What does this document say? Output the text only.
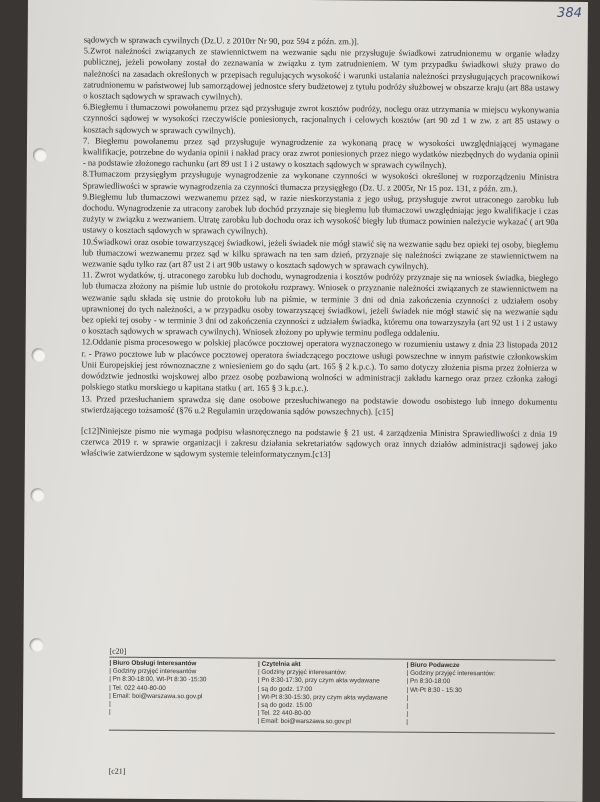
384

sądowych w sprawach cywilnych (Dz.U. z 2010rr Nr 90, poz 594 z późn. zm.)].

5.Zwrot należności związanych ze stawiennictwem na wezwanie sądu nie przysługuje świadkowi zatrudnionemu w organie władzy publicznej, jeżeli powołany został do zeznawania w związku z tym zatrudnieniem. W tym przypadku świadkowi służy prawo do należności na zasadach określonych w przepisach regulujących wysokość i warunki ustalania należności przysługujących pracownikowi zatrudnionemu w państwowej lub samorządowej jednostce sfery budżetowej z tytułu podróży służbowej w obszarze kraju (art 88a ustawy o kosztach sądowych w sprawach cywilnych).

6.Biegłemu i tłumaczowi powołanemu przez sąd przysługuje zwrot kosztów podróży, noclegu oraz utrzymania w miejscu wykonywania czynności sądowej w wysokości rzeczywiście poniesionych, racjonalnych i celowych kosztów (art 90 zd 1 w zw. z art 85 ustawy o kosztach sądowych w sprawach cywilnych).

7. Biegłemu powołanemu przez sąd przysługuje wynagrodzenie za wykonaną pracę w wysokości uwzględniającej wymagane kwalifikacje, potrzebne do wydania opinii i nakład pracy oraz zwrot poniesionych przez niego wydatków niezbędnych do wydania opinii - na podstawie złożonego rachunku (art 89 ust 1 i 2 ustawy o kosztach sądowych w sprawach cywilnych).

8.Tłumaczom przysięgłym przysługuje wynagrodzenie za wykonane czynności w wysokości określonej w rozporządzeniu Ministra Sprawiedliwości w sprawie wynagrodzenia za czynności tłumacza przysięgłego (Dz. U. z 2005r, Nr 15 poz. 131, z późn. zm.).

9.Biegłemu lub tłumaczowi wezwanemu przez sąd, w razie nieskorzystania z jego usług, przysługuje zwrot utraconego zarobku lub dochodu. Wynagrodzenie za utracony zarobek lub dochód przyznaje się biegłemu lub tłumaczowi uwzględniając jego kwalifikacje i czas zużyty w związku z wezwaniem. Utratę zarobku lub dochodu oraz ich wysokość biegły lub tłumacz powinien należycie wykazać ( art 90a ustawy o kosztach sądowych w sprawach cywilnych).

10.Świadkowi oraz osobie towarzyszącej świadkowi, jeżeli świadek nie mógł stawić się na wezwanie sądu bez opieki tej osoby, biegłemu lub tłumaczowi wezwanemu przez sąd w kilku sprawach na ten sam dzień, przyznaje się należności związane ze stawiennictwem na wezwanie sądu tylko raz (art 87 ust 2 i art 90b ustawy o kosztach sądowych w sprawach cywilnych).

11. Zwrot wydatków, tj. utraconego zarobku lub dochodu, wynagrodzenia i kosztów podróży przyznaje się na wniosek świadka, biegłego lub tłumacza złożony na piśmie lub ustnie do protokołu rozprawy. Wniosek o przyznanie należności związanych ze stawiennictwem na wezwanie sądu składa się ustnie do protokołu lub na piśmie, w terminie 3 dni od dnia zakończenia czynności z udziałem osoby uprawnionej do tych należności, a w przypadku osoby towarzyszącej świadkowi, jeżeli świadek nie mógł stawić się na wezwanie sądu bez opieki tej osoby - w terminie 3 dni od zakończenia czynności z udziałem świadka, któremu ona towarzyszyła (art 92 ust 1 i 2 ustawy o kosztach sądowych w sprawach cywilnych). Wniosek złożony po upływie terminu podlega oddaleniu.

12.Oddanie pisma procesowego w polskiej placówce pocztowej operatora wyznaczonego w rozumieniu ustawy z dnia 23 listopada 2012 r. - Prawo pocztowe lub w placówce pocztowej operatora świadczącego pocztowe usługi powszechne w innym państwie członkowskim Unii Europejskiej jest równoznaczne z wniesieniem go do sądu (art. 165 § 2 k.p.c.). To samo dotyczy złożenia pisma przez żołnierza w dowództwie jednostki wojskowej albo przez osobę pozbawioną wolności w administracji zakładu karnego oraz przez członka załogi polskiego statku morskiego u kapitana statku ( art. 165 § 3 k.p.c.).

13. Przed przesłuchaniem sprawdza się dane osobowe przesłuchiwanego na podstawie dowodu osobistego lub innego dokumentu stwierdzającego tożsamość (§76 u.2 Regulamin urzędowania sądów powszechnych). [c15]

[c12]Niniejsze pismo nie wymaga podpisu własnoręcznego na podstawie § 21 ust. 4 zarządzenia Ministra Sprawiedliwości z dnia 19 czerwca 2019 r. w sprawie organizacji i zakresu działania sekretariatów sądowych oraz innych działów administracji sądowej jako właściwie zatwierdzone w sądowym systemie teleinformatycznym.[c13]

[c20]
| Biuro Obsługi Interesantów
| Godziny przyjęć interesantów
| Pn 8:30-18:00, Wt-Pt 8:30 -15:30
| Tel. 022 440-80-00
| Email: boi@warszawa.so.gov.pl
|
|
| Czytelnia akt
| Godziny przyjęć interesantów:
| Pn 8:30-17:30, przy czym akta wydawane
| są do godz. 17:00
| Wt-Pt 8:30-15:30, przy czym akta wydawane
| są do godz. 15:00
| Tel. 22 440-80-00
| Email: boi@warszawa.so.gov.pl
| Biuro Podawcze
| Godziny przyjęć interesantów:
| Pn 8:30-18:00
| Wt-Pt 8:30 - 15:30
|
|
|
|
[c21]
